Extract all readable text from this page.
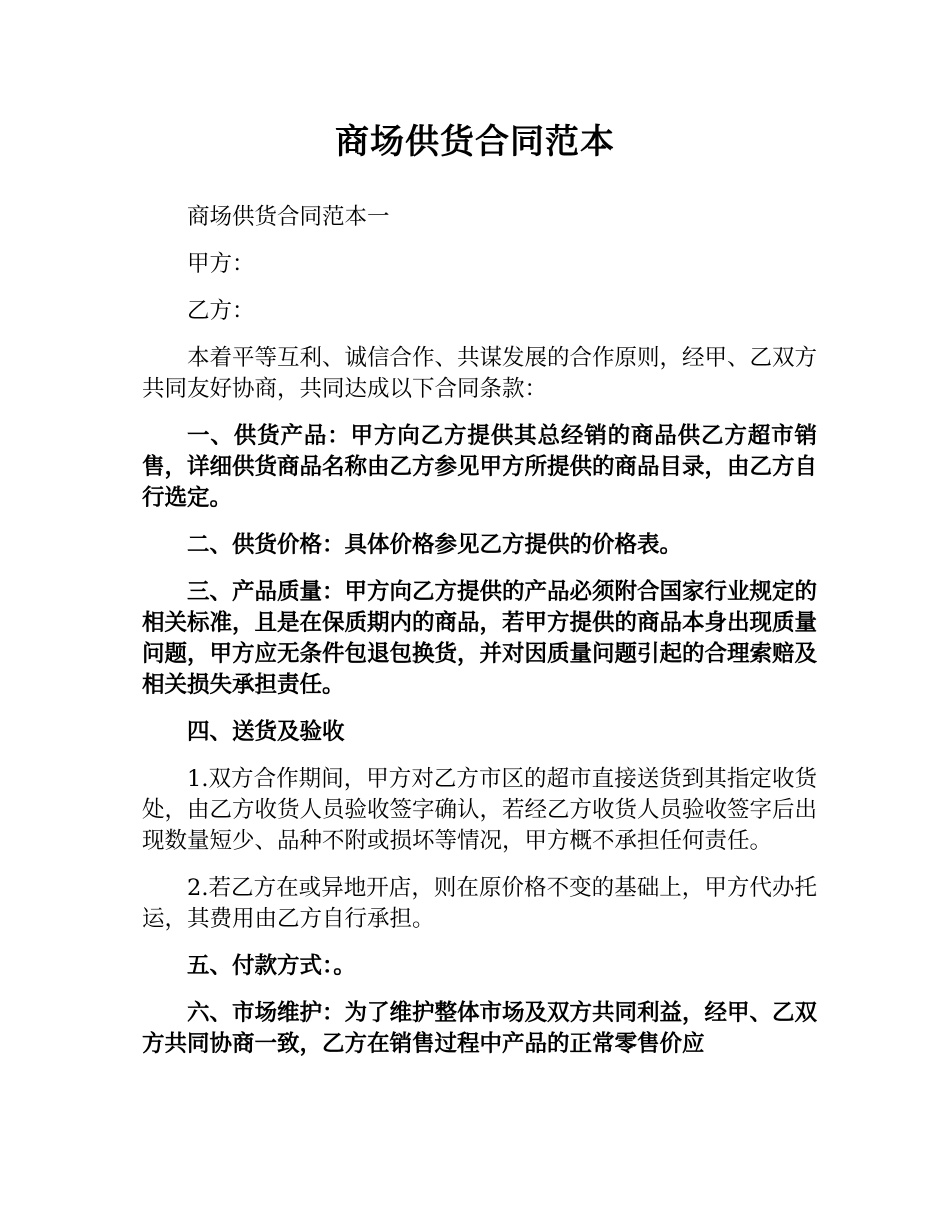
商场供货合同范本

商场供货合同范本一

甲方：

乙方：

本着平等互利、诚信合作、共谋发展的合作原则，经甲、乙双方共同友好协商，共同达成以下合同条款：

一、供货产品：甲方向乙方提供其总经销的商品供乙方超市销售，详细供货商品名称由乙方参见甲方所提供的商品目录，由乙方自行选定。

二、供货价格：具体价格参见乙方提供的价格表。

三、产品质量：甲方向乙方提供的产品必须附合国家行业规定的相关标准，且是在保质期内的商品，若甲方提供的商品本身出现质量问题，甲方应无条件包退包换货，并对因质量问题引起的合理索赔及相关损失承担责任。

四、送货及验收

1.双方合作期间，甲方对乙方市区的超市直接送货到其指定收货处，由乙方收货人员验收签字确认，若经乙方收货人员验收签字后出现数量短少、品种不附或损坏等情况，甲方概不承担任何责任。

2.若乙方在或异地开店，则在原价格不变的基础上，甲方代办托运，其费用由乙方自行承担。

五、付款方式：。

六、市场维护：为了维护整体市场及双方共同利益，经甲、乙双方共同协商一致，乙方在销售过程中产品的正常零售价应
